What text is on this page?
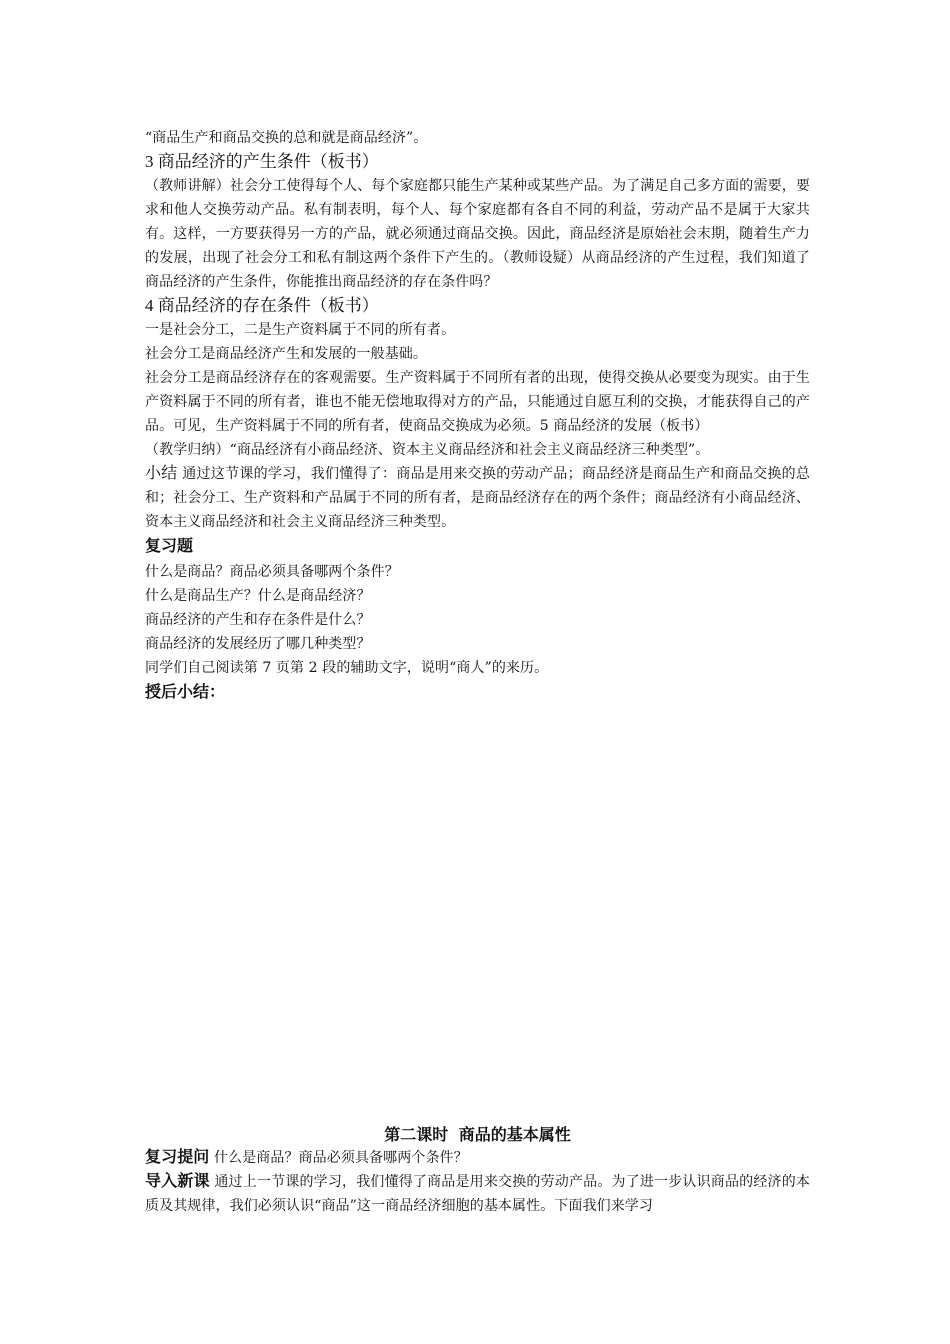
“商品生产和商品交换的总和就是商品经济”。

3 商品经济的产生条件（板书）

（教师讲解）社会分工使得每个人、每个家庭都只能生产某种或某些产品。为了满足自己多方面的需要，要求和他人交换劳动产品。私有制表明，每个人、每个家庭都有各自不同的利益，劳动产品不是属于大家共有。这样，一方要获得另一方的产品，就必须通过商品交换。因此，商品经济是原始社会末期，随着生产力的发展，出现了社会分工和私有制这两个条件下产生的。（教师设疑）从商品经济的产生过程，我们知道了商品经济的产生条件，你能推出商品经济的存在条件吗？

4 商品经济的存在条件（板书）

一是社会分工，二是生产资料属于不同的所有者。

社会分工是商品经济产生和发展的一般基础。

社会分工是商品经济存在的客观需要。生产资料属于不同所有者的出现，使得交换从必要变为现实。由于生产资料属于不同的所有者，谁也不能无偿地取得对方的产品，只能通过自愿互利的交换，才能获得自己的产品。可见，生产资料属于不同的所有者，使商品交换成为必须。5 商品经济的发展（板书）

（教学归纳）“商品经济有小商品经济、资本主义商品经济和社会主义商品经济三种类型”。

小结 通过这节课的学习，我们懂得了：商品是用来交换的劳动产品；商品经济是商品生产和商品交换的总和；社会分工、生产资料和产品属于不同的所有者，是商品经济存在的两个条件；商品经济有小商品经济、资本主义商品经济和社会主义商品经济三种类型。

复习题

什么是商品？商品必须具备哪两个条件？

什么是商品生产？什么是商品经济？

商品经济的产生和存在条件是什么？

商品经济的发展经历了哪几种类型？

同学们自己阅读第 7 页第 2 段的辅助文字，说明“商人”的来历。

授后小结：

第二课时 商品的基本属性

复习提问 什么是商品？商品必须具备哪两个条件？

导入新课 通过上一节课的学习，我们懂得了商品是用来交换的劳动产品。为了进一步认识商品的经济的本质及其规律，我们必须认识“商品”这一商品经济细胞的基本属性。下面我们来学习
